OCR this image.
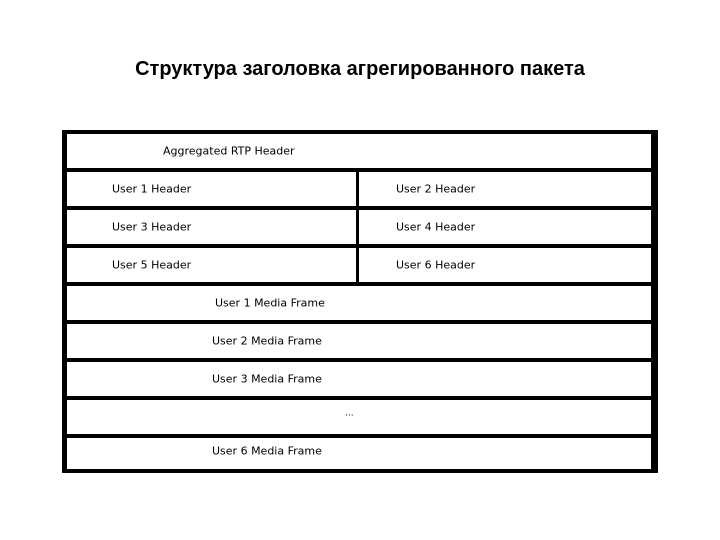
Структура заголовка агрегированного пакета
Aggregated RTP Header
User 1 Header	User 2 Header
User 3 Header	User 4 Header
User 5 Header	User 6 Header
User 1 Media Frame
User 2 Media Frame
User 3 Media Frame
...
User 6 Media Frame
